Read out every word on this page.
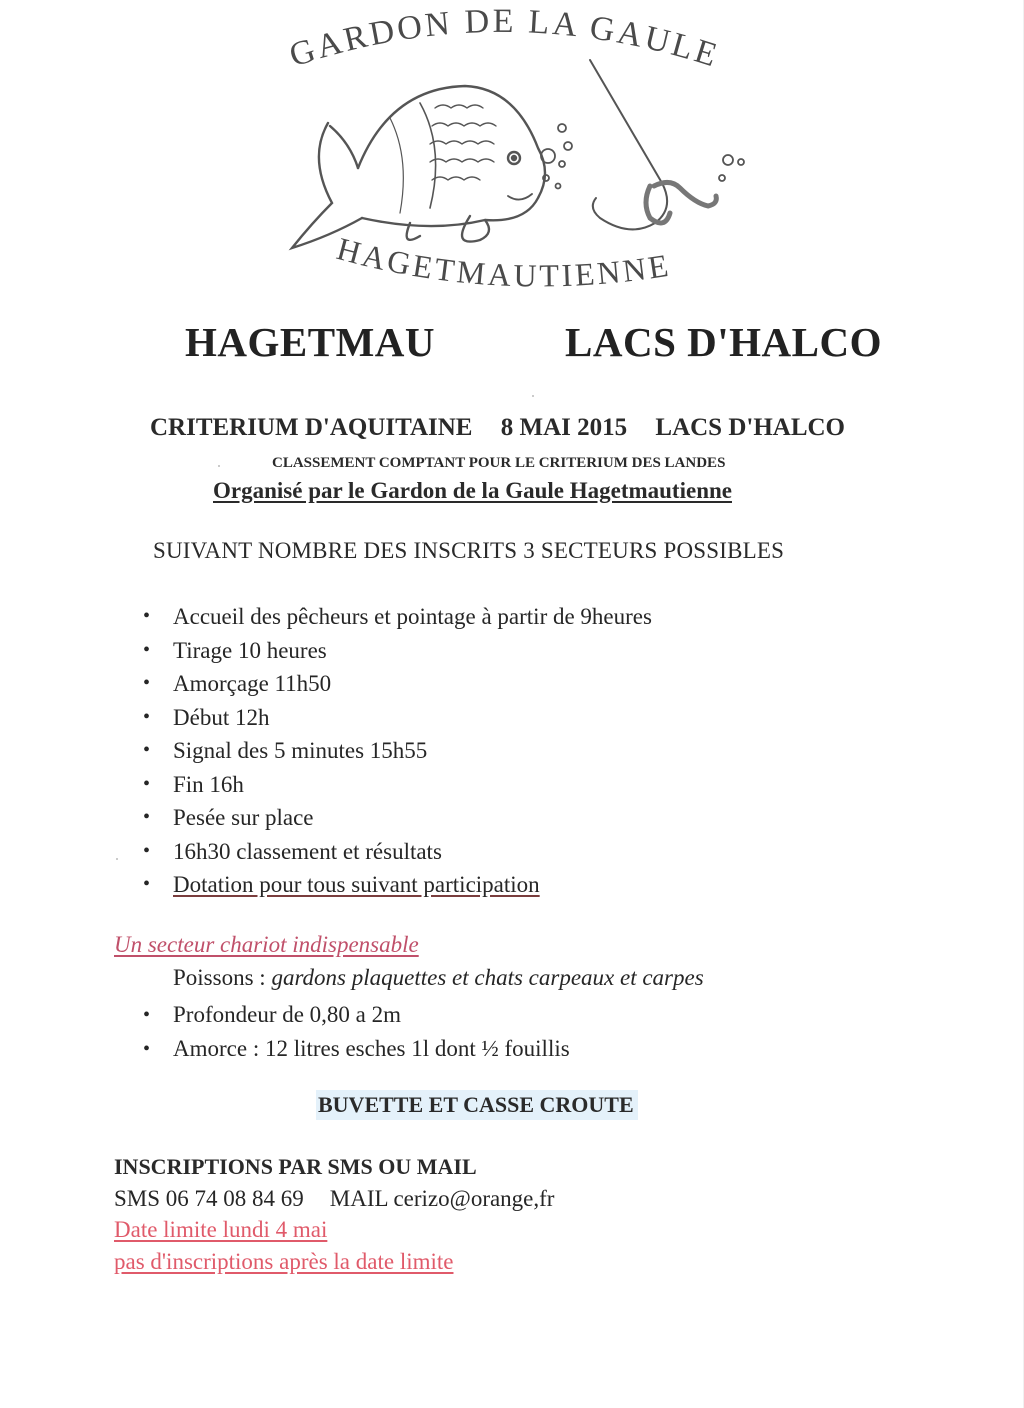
GARDON DE LA GAULE
HAGETMAUTIENNE
HAGETMAU	LACS D'HALCO
CRITERIUM D'AQUITAINE 8 MAI 2015 LACS D'HALCO
CLASSEMENT COMPTANT POUR LE CRITERIUM DES LANDES
Organisé par le Gardon de la Gaule Hagetmautienne
SUIVANT NOMBRE DES INSCRITS 3 SECTEURS POSSIBLES
• Accueil des pêcheurs et pointage à partir de 9heures
• Tirage 10 heures
• Amorçage 11h50
• Début 12h
• Signal des 5 minutes 15h55
• Fin 16h
• Pesée sur place
• 16h30 classement et résultats
• Dotation pour tous suivant participation
Un secteur chariot indispensable
Poissons : gardons plaquettes et chats carpeaux et carpes
• Profondeur de 0,80 a 2m
• Amorce : 12 litres esches 1l dont ½ fouillis
BUVETTE ET CASSE CROUTE
INSCRIPTIONS PAR SMS OU MAIL
SMS 06 74 08 84 69 MAIL cerizo@orange,fr
Date limite lundi 4 mai
pas d'inscriptions après la date limite
